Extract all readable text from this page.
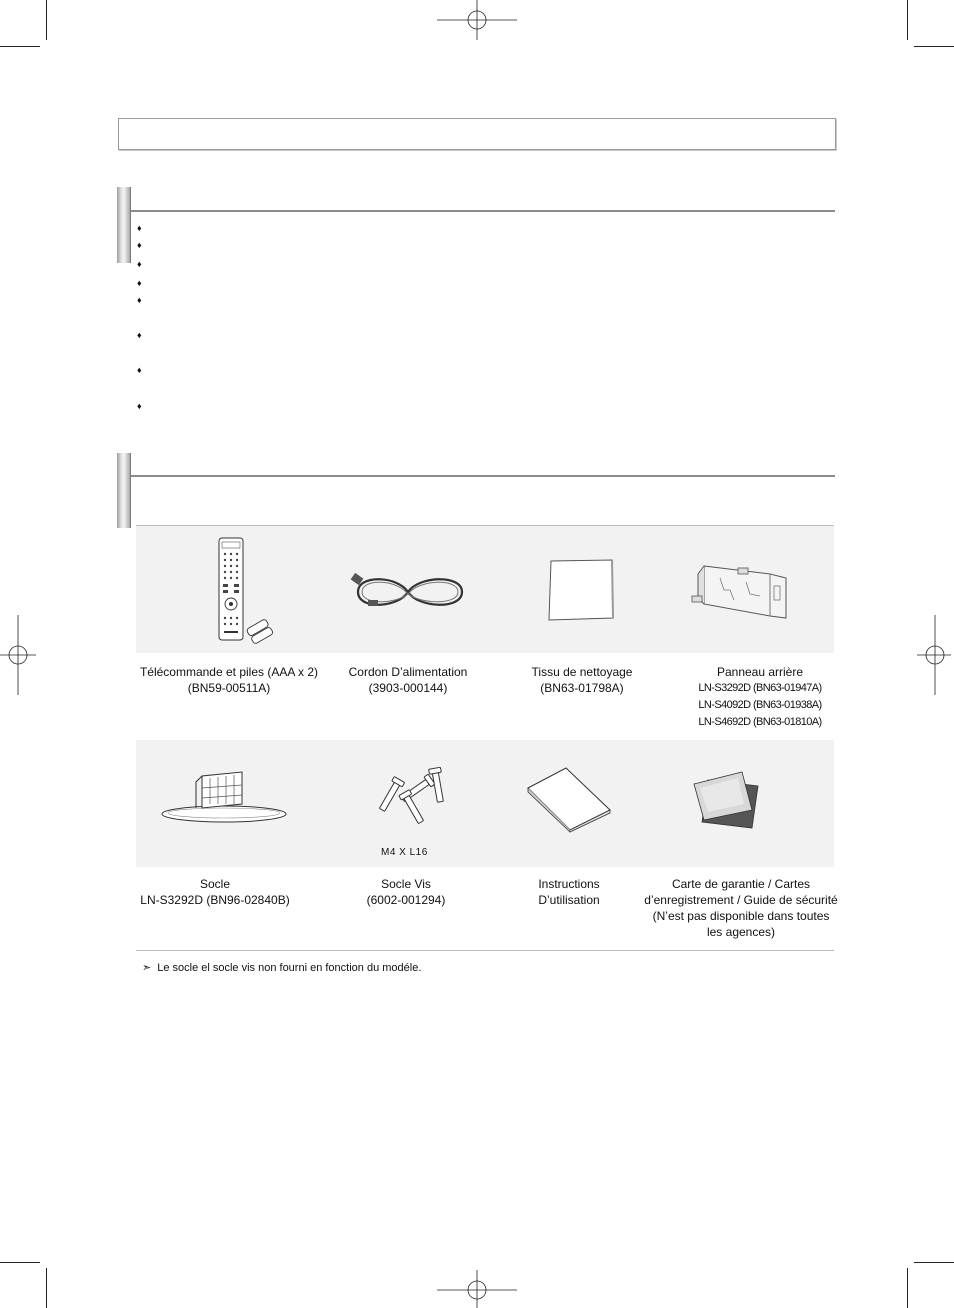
♦
♦
♦
♦
♦
♦
♦
♦
Télécommande et piles (AAA x 2)
(BN59-00511A)
Cordon D’alimentation
(3903-000144)
Tissu de nettoyage
(BN63-01798A)
Panneau arrière
LN-S3292D (BN63-01947A)
LN-S4092D (BN63-01938A)
LN-S4692D (BN63-01810A)
M4 X L16
Socle
LN-S3292D (BN96-02840B)
Socle Vis
(6002-001294)
Instructions
D’utilisation
Carte de garantie / Cartes
d’enregistrement / Guide de sécurité
(N’est pas disponible dans toutes
les agences)
➣ Le socle el socle vis non fourni en fonction du modéle.
